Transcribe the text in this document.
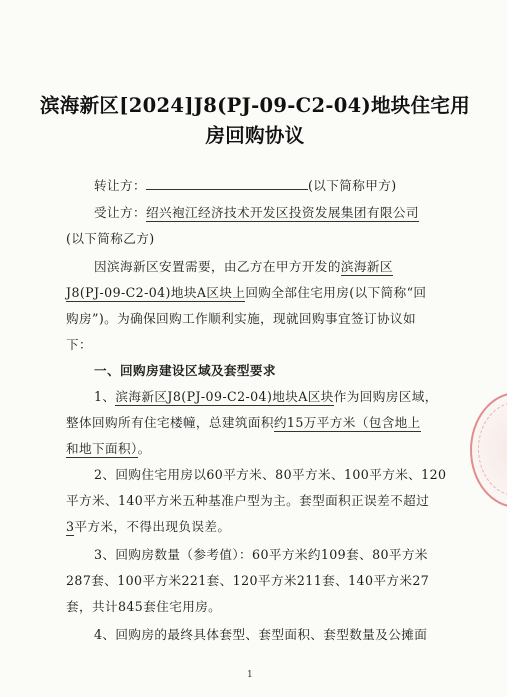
滨海新区[2024]J8(PJ-09-C2-04)地块住宅用
房回购协议
转让方：	(以下简称甲方)
受让方：绍兴袍江经济技术开发区投资发展集团有限公司
(以下简称乙方)
因滨海新区安置需要，由乙方在甲方开发的滨海新区
J8(PJ-09-C2-04)地块A区块上回购全部住宅用房(以下简称“回
购房”)。为确保回购工作顺利实施，现就回购事宜签订协议如
下：
一、回购房建设区域及套型要求
1、滨海新区J8(PJ-09-C2-04)地块A区块作为回购房区域，
整体回购所有住宅楼幢，总建筑面积约15万平方米（包含地上
和地下面积）。
2、回购住宅用房以60平方米、80平方米、100平方米、120
平方米、140平方米五种基准户型为主。套型面积正误差不超过
3平方米，不得出现负误差。
3、回购房数量（参考值）：60平方米约109套、80平方米
287套、100平方米221套、120平方米211套、140平方米27
套，共计845套住宅用房。
4、回购房的最终具体套型、套型面积、套型数量及公摊面
1
